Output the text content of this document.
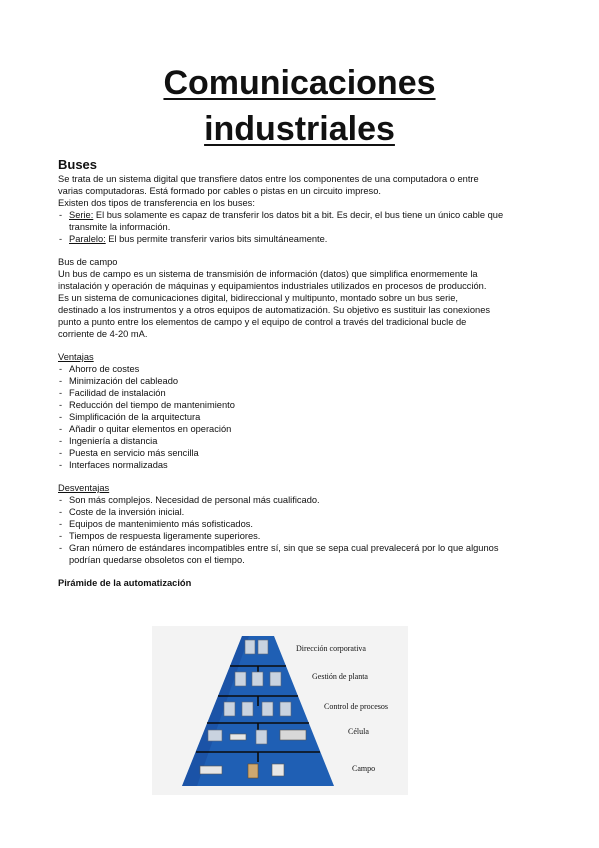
Comunicaciones
industriales

Buses

Se trata de un sistema digital que transfiere datos entre los componentes de una computadora o entre

varias computadoras. Está formado por cables o pistas en un circuito impreso.

Existen dos tipos de transferencia en los buses:

- Serie: El bus solamente es capaz de transferir los datos bit a bit. Es decir, el bus tiene un único cable que
transmite la información.
- Paralelo: El bus permite transferir varios bits simultáneamente.

Bus de campo

Un bus de campo es un sistema de transmisión de información (datos) que simplifica enormemente la

instalación y operación de máquinas y equipamientos industriales utilizados en procesos de producción.

Es un sistema de comunicaciones digital, bidireccional y multipunto, montado sobre un bus serie,

destinado a los instrumentos y a otros equipos de automatización. Su objetivo es sustituir las conexiones

punto a punto entre los elementos de campo y el equipo de control a través del tradicional bucle de

corriente de 4-20 mA.

Ventajas

- Ahorro de costes
- Minimización del cableado
- Facilidad de instalación
- Reducción del tiempo de mantenimiento
- Simplificación de la arquitectura
- Añadir o quitar elementos en operación
- Ingeniería a distancia
- Puesta en servicio más sencilla
- Interfaces normalizadas

Desventajas

- Son más complejos. Necesidad de personal más cualificado.
- Coste de la inversión inicial.
- Equipos de mantenimiento más sofisticados.
- Tiempos de respuesta ligeramente superiores.
- Gran número de estándares incompatibles entre sí, sin que se sepa cual prevalecerá por lo que algunos
podrían quedarse obsoletos con el tiempo.

Pirámide de la automatización

Dirección corporativa
Gestión de planta
Control de procesos
Célula
Campo
